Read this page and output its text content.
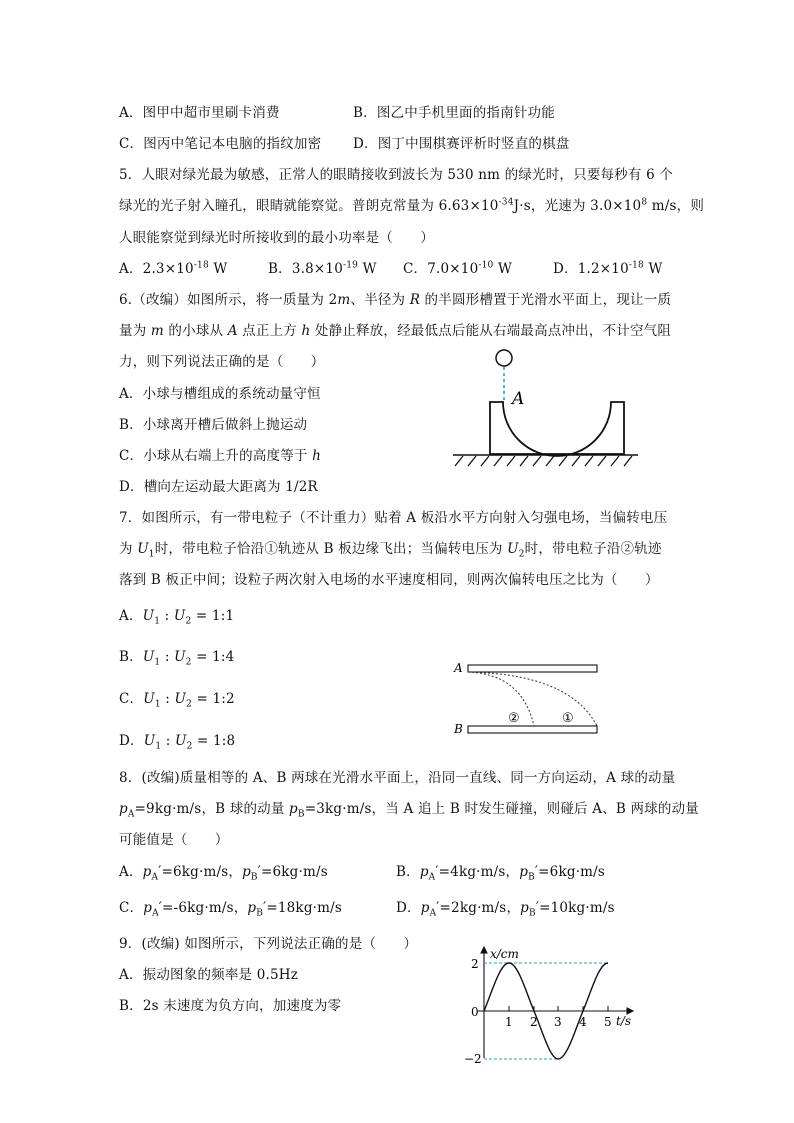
A．图甲中超市里刷卡消费	B．图乙中手机里面的指南针功能
C．图丙中笔记本电脑的指纹加密 D．图丁中围棋赛评析时竖直的棋盘
5．人眼对绿光最为敏感，正常人的眼睛接收到波长为 530 nm 的绿光时，只要每秒有 6 个
绿光的光子射入瞳孔，眼睛就能察觉。普朗克常量为 $6.63\times 10^{-34}J\cdot s$，光速为 $3.0\times 10^8$ m/s，则
人眼能察觉到绿光时所接收到的最小功率是（　　）
A．$2.3\times 10^{-18}$ W	B．$3.8\times 10^{-19}$ W C．$7.0\times 10^{-10}$ W	D．$1.2\times 10^{-18}$ W
6.（改编）如图所示，将一质量为 2m、半径为 R 的半圆形槽置于光滑水平面上，现让一质
量为 m 的小球从 A 点正上方 h 处静止释放，经最低点后能从右端最高点冲出，不计空气阻
力，则下列说法正确的是（　　）
A．小球与槽组成的系统动量守恒
B．小球离开槽后做斜上抛运动
C．小球从右端上升的高度等于 h
D．槽向左运动最大距离为 1/2R
A
7．如图所示，有一带电粒子（不计重力）贴着 A 板沿水平方向射入匀强电场，当偏转电压
为 $U_1$时，带电粒子恰沿①轨迹从 B 板边缘飞出；当偏转电压为 $U_2$时，带电粒子沿②轨迹
落到 B 板正中间；设粒子两次射入电场的水平速度相同，则两次偏转电压之比为（　　）
A．$U_1$ : $U_2$ = 1:1
B．$U_1$ : $U_2$ = 1:4
C．$U_1$ : $U_2$ = 1:2
D．$U_1$ : $U_2$ = 1:8
A
B
②	①
8．(改编)质量相等的 A、B 两球在光滑水平面上，沿同一直线、同一方向运动，A 球的动量
$p_A=9kg\cdot m/s$，B 球的动量 $p_B=3kg\cdot m/s$，当 A 追上 B 时发生碰撞，则碰后 A、B 两球的动量
可能值是（　　）
A．$p_A'=6kg\cdot m/s$，$p_B'=6kg\cdot m/s$	B．$p_A'=4kg\cdot m/s$，$p_B'=6kg\cdot m/s$
C．$p_A'=-6kg\cdot m/s$，$p_B'=18kg\cdot m/s$	D．$p_A'=2kg\cdot m/s$，$p_B'=10kg\cdot m/s$
9．(改编) 如图所示，下列说法正确的是（　　）
A．振动图象的频率是 0.5Hz
B．2s 末速度为负方向，加速度为零
x/cm
t/s
1 2 3 4 5
2
0
−2
